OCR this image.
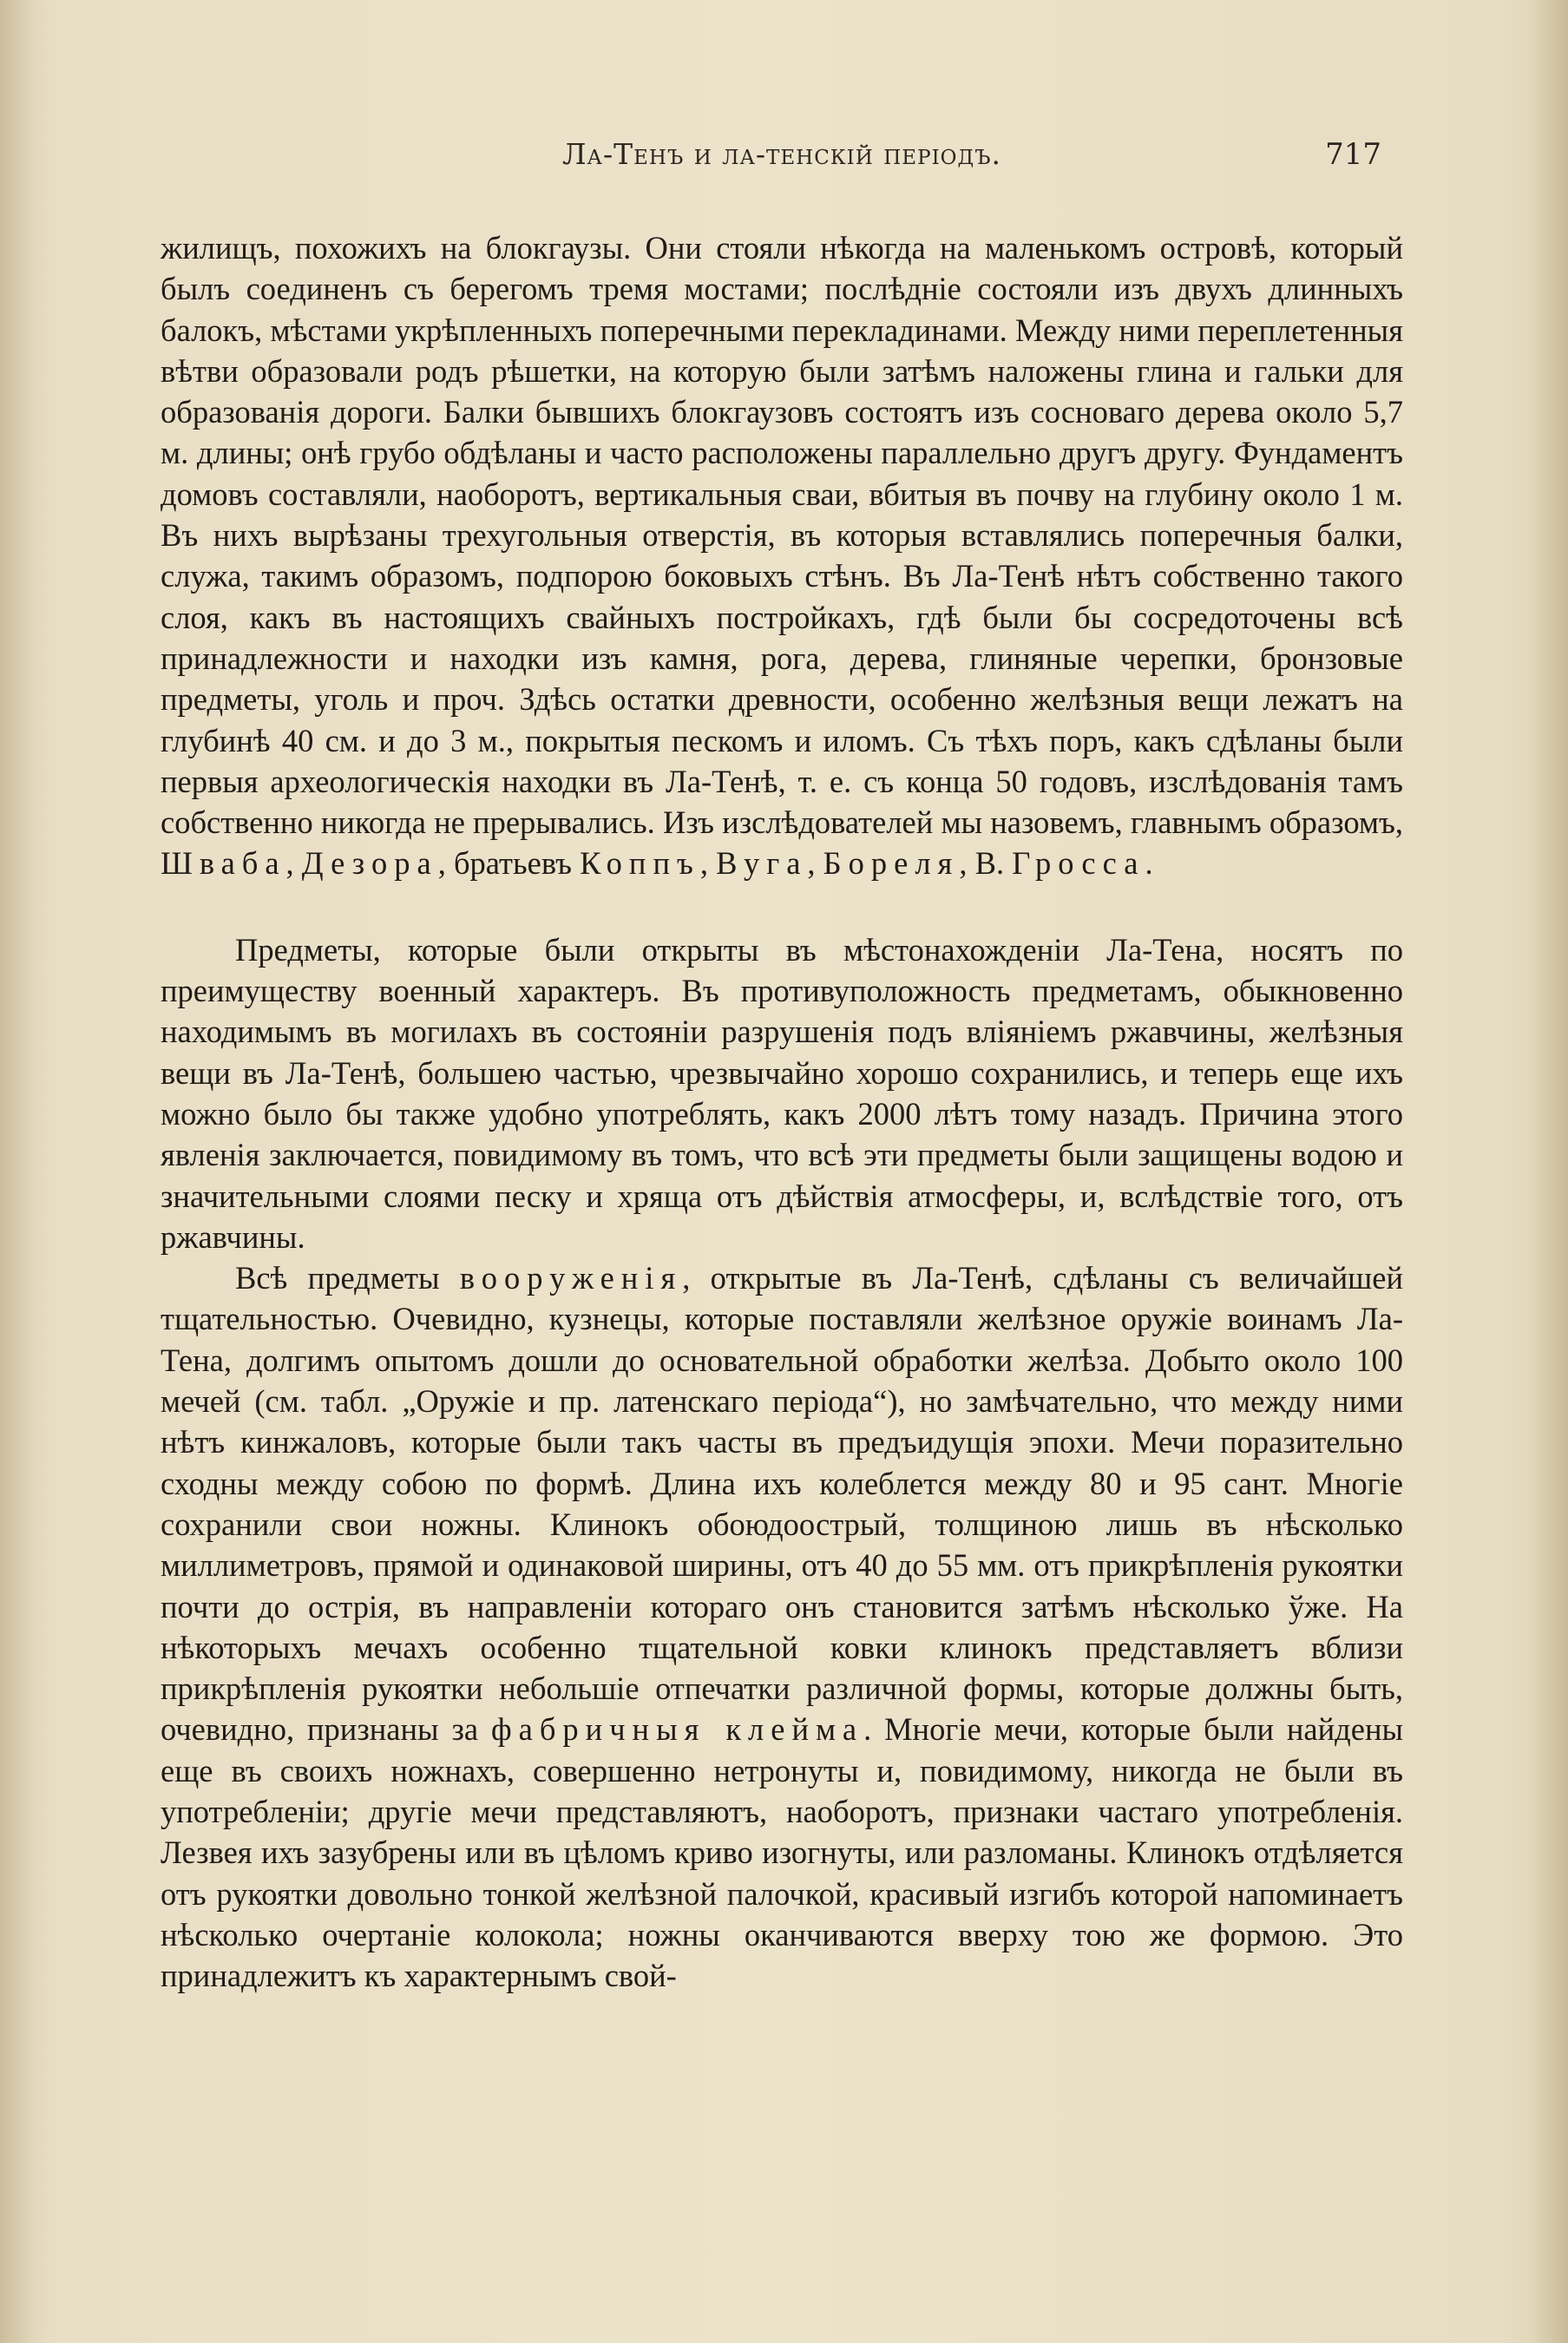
Ла-Тенъ и ла-тенскій періодъ.	717

жилищъ, похожихъ на блокгаузы. Они стояли нѣкогда на маленькомъ островѣ, который былъ соединенъ съ берегомъ тремя мостами; послѣдніе состояли изъ двухъ длинныхъ балокъ, мѣстами укрѣпленныхъ поперечными перекладинами. Между ними переплетенныя вѣтви образовали родъ рѣшетки, на которую были затѣмъ наложены глина и гальки для образованія дороги. Балки бывшихъ блокгаузовъ состоятъ изъ сосноваго дерева около 5,7 м. длины; онѣ грубо обдѣланы и часто расположены параллельно другъ другу. Фундаментъ домовъ составляли, наоборотъ, вертикальныя сваи, вбитыя въ почву на глубину около 1 м. Въ нихъ вырѣзаны трехугольныя отверстія, въ которыя вставлялись поперечныя балки, служа, такимъ образомъ, подпорою боковыхъ стѣнъ. Въ Ла-Тенѣ нѣтъ собственно такого слоя, какъ въ настоящихъ свайныхъ постройкахъ, гдѣ были бы сосредоточены всѣ принадлежности и находки изъ камня, рога, дерева, глиняные черепки, бронзовые предметы, уголь и проч. Здѣсь остатки древности, особенно желѣзныя вещи лежатъ на глубинѣ 40 см. и до 3 м., покрытыя пескомъ и иломъ. Съ тѣхъ поръ, какъ сдѣланы были первыя археологическія находки въ Ла-Тенѣ, т. е. съ конца 50 годовъ, изслѣдованія тамъ собственно никогда не прерывались. Изъ изслѣдователей мы назовемъ, главнымъ образомъ, Шваба, Дезора, братьевъ Коппъ, Вуга, Бореля, В. Гросса.

Предметы, которые были открыты въ мѣстонахожденіи Ла-Тена, носятъ по преимуществу военный характеръ. Въ противуположность предметамъ, обыкновенно находимымъ въ могилахъ въ состояніи разрушенія подъ вліяніемъ ржавчины, желѣзныя вещи въ Ла-Тенѣ, большею частью, чрезвычайно хорошо сохранились, и теперь еще ихъ можно было бы также удобно употреблять, какъ 2000 лѣтъ тому назадъ. Причина этого явленія заключается, повидимому въ томъ, что всѣ эти предметы были защищены водою и значительными слоями песку и хряща отъ дѣйствія атмосферы, и, вслѣдствіе того, отъ ржавчины.

Всѣ предметы вооруженія, открытые въ Ла-Тенѣ, сдѣланы съ величайшей тщательностью. Очевидно, кузнецы, которые поставляли желѣзное оружіе воинамъ Ла-Тена, долгимъ опытомъ дошли до основательной обработки желѣза. Добыто около 100 мечей (см. табл. „Оружіе и пр. латенскаго періода“), но замѣчательно, что между ними нѣтъ кинжаловъ, которые были такъ часты въ предъидущія эпохи. Мечи поразительно сходны между собою по формѣ. Длина ихъ колеблется между 80 и 95 сант. Многіе сохранили свои ножны. Клинокъ обоюдоострый, толщиною лишь въ нѣсколько миллиметровъ, прямой и одинаковой ширины, отъ 40 до 55 мм. отъ прикрѣпленія рукоятки почти до острія, въ направленіи котораго онъ становится затѣмъ нѣсколько ўже. На нѣкоторыхъ мечахъ особенно тщательной ковки клинокъ представляетъ вблизи прикрѣпленія рукоятки небольшіе отпечатки различной формы, которые должны быть, очевидно, признаны за фабричныя клейма. Многіе мечи, которые были найдены еще въ своихъ ножнахъ, совершенно нетронуты и, повидимому, никогда не были въ употребленіи; другіе мечи представляютъ, наоборотъ, признаки частаго употребленія. Лезвея ихъ зазубрены или въ цѣломъ криво изогнуты, или разломаны. Клинокъ отдѣляется отъ рукоятки довольно тонкой желѣзной палочкой, красивый изгибъ которой напоминаетъ нѣсколько очертаніе колокола; ножны оканчиваются вверху тою же формою. Это принадлежитъ къ характернымъ свой-
